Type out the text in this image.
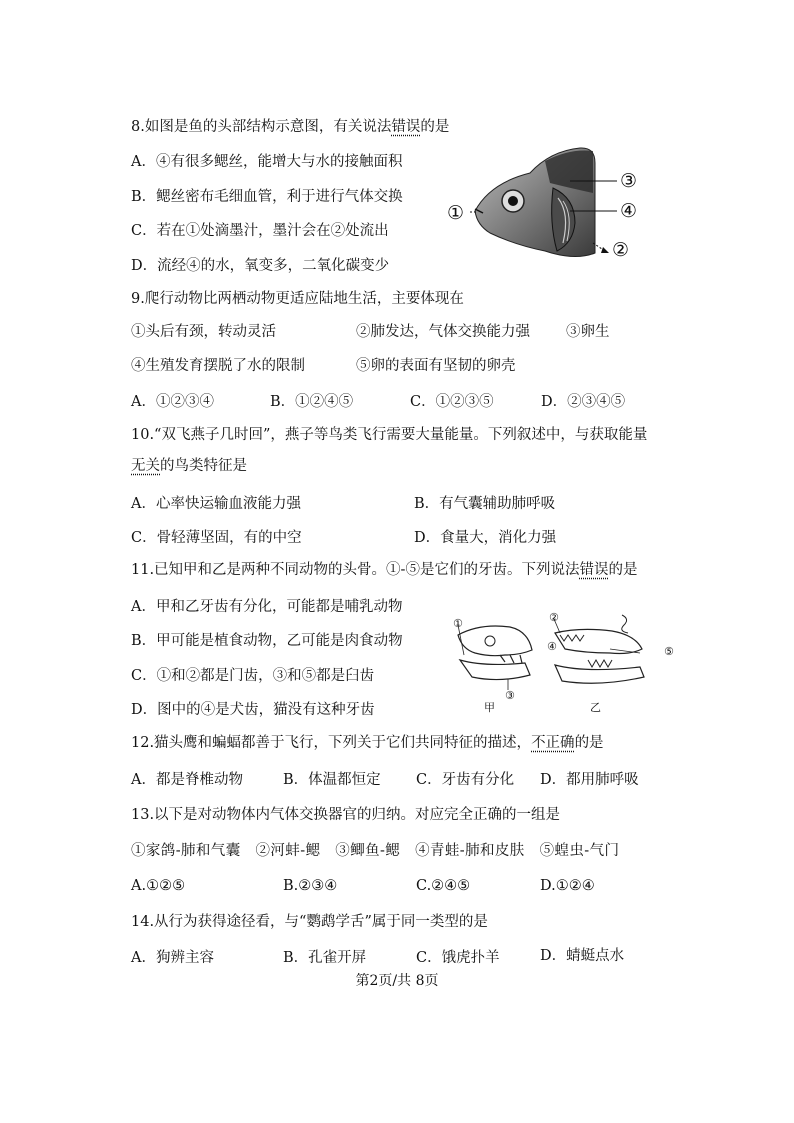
8.如图是鱼的头部结构示意图，有关说法错误的是
A．④有很多鳃丝，能增大与水的接触面积
B．鳃丝密布毛细血管，利于进行气体交换
C．若在①处滴墨汁，墨汁会在②处流出
D．流经④的水，氧变多，二氧化碳变少
①
②
③
④
9.爬行动物比两栖动物更适应陆地生活，主要体现在
①头后有颈，转动灵活	②肺发达，气体交换能力强 ③卵生
④生殖发育摆脱了水的限制	⑤卵的表面有坚韧的卵壳
A．①②③④	B．①②④⑤	C．①②③⑤	D．②③④⑤
10.“双飞燕子几时回”，燕子等鸟类飞行需要大量能量。下列叙述中，与获取能量
无关的鸟类特征是
A．心率快运输血液能力强	B．有气囊辅助肺呼吸
C．骨轻薄坚固，有的中空	D．食量大，消化力强
11.已知甲和乙是两种不同动物的头骨。①-⑤是它们的牙齿。下列说法错误的是
A．甲和乙牙齿有分化，可能都是哺乳动物
B．甲可能是植食动物，乙可能是肉食动物
C．①和②都是门齿，③和⑤都是臼齿
D．图中的④是犬齿，猫没有这种牙齿
①	②
③
④	⑤
甲	乙
12.猫头鹰和蝙蝠都善于飞行，下列关于它们共同特征的描述，不正确的是
A．都是脊椎动物	B．体温都恒定 C．牙齿有分化 D．都用肺呼吸
13.以下是对动物体内气体交换器官的归纳。对应完全正确的一组是
①家鸽-肺和气囊　②河蚌-鳃　③鲫鱼-鳃　④青蛙-肺和皮肤　⑤蝗虫-气门
A.①②⑤	B.②③④	C.②④⑤	D.①②④
14.从行为获得途径看，与“鹦鹉学舌”属于同一类型的是
A．狗辨主容	B．孔雀开屏	C．饿虎扑羊	D．蜻蜓点水
第2页/共 8页
